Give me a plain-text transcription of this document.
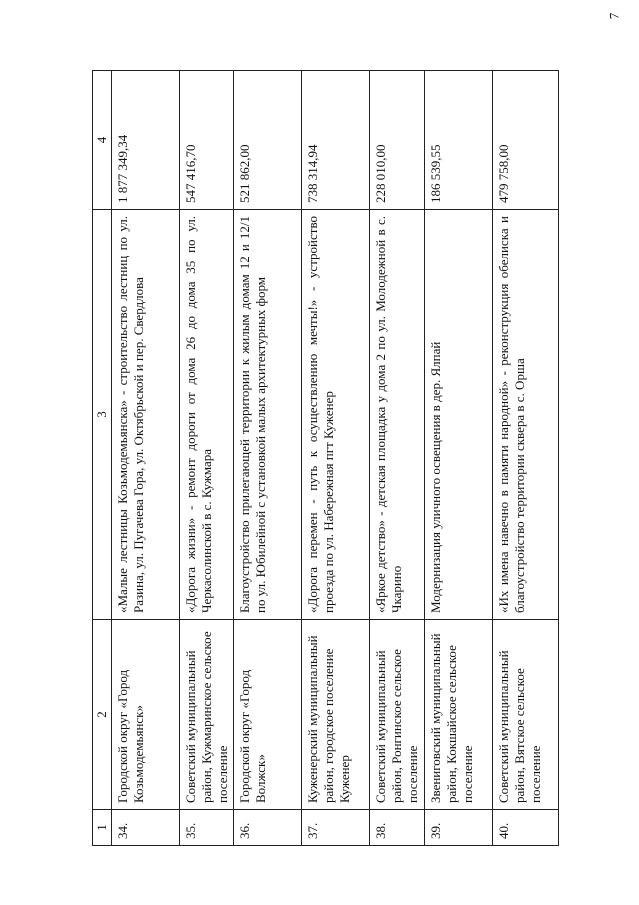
7
1	2	3	4
34.	Городской округ «Город Козьмодемьянск»	«Малые лестницы Козьмодемьянска» - строительство лестниц по ул. Разина, ул. Пугачева Гора, ул. Октябрьской и пер. Свердлова	1 877 349,34
35.	Советский муниципальный район, Кужмаринское сельское поселение	«Дорога жизни» - ремонт дороги от дома 26 до дома 35 по ул. Черкасолинской в с. Кужмара	547 416,70
36.	Городской округ «Город Волжск»	Благоустройство прилегающей территории к жилым домам 12 и 12/1 по ул. Юбилейной с установкой малых архитектурных форм	521 862,00
37.	Куженерский муниципальный район, городское поселение Куженер	«Дорога перемен - путь к осуществлению мечты!» - устройство проезда по ул. Набережная пгт Куженер	738 314,94
38.	Советский муниципальный район, Ронгинское сельское поселение	«Яркое детство» - детская площадка у дома 2 по ул. Молодежной в с. Чкарино	228 010,00
39.	Звениговский муниципальный район, Кокшайское сельское поселение	Модернизация уличного освещения в дер. Ялпай	186 539,55
40.	Советский муниципальный район, Вятское сельское поселение	«Их имена навечно в памяти народной» - реконструкция обелиска и благоустройство территории сквера в с. Орша	479 758,00
